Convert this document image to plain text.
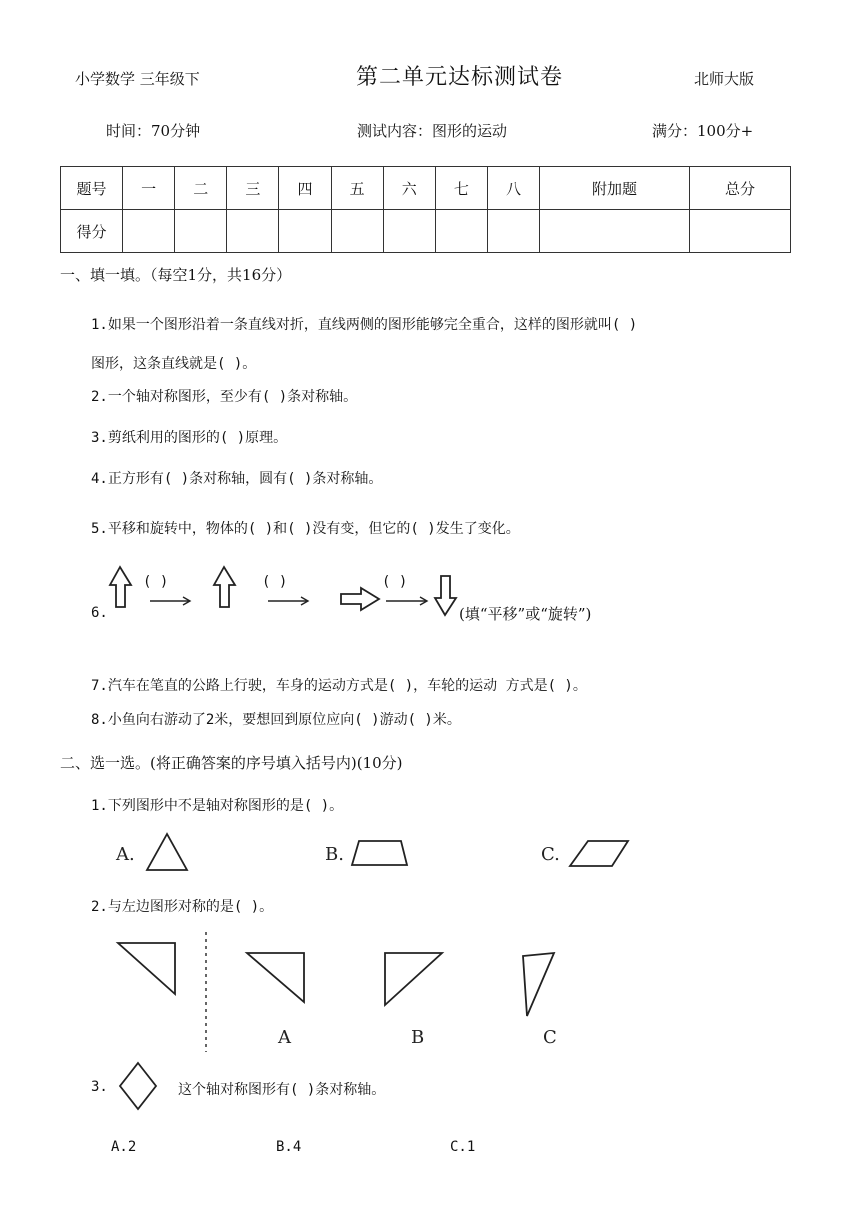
小学数学 三年级下	第二单元达标测试卷	北师大版
时间：70分钟	测试内容：图形的运动	满分：100分+
题号	一	二	三	四	五	六	七	八	附加题	总分
得分										
一、填一填。（每空1分，共16分）
1.如果一个图形沿着一条直线对折，直线两侧的图形能够完全重合，这样的图形就叫( )
图形，这条直线就是( )。
2.一个轴对称图形，至少有( )条对称轴。
3.剪纸利用的图形的( )原理。
4.正方形有( )条对称轴，圆有( )条对称轴。
5.平移和旋转中，物体的( )和( )没有变，但它的( )发生了变化。
6.
( )	( )	( )
(填“平移”或“旋转”)
7.汽车在笔直的公路上行驶，车身的运动方式是( )，车轮的运动 方式是( )。
8.小鱼向右游动了2米，要想回到原位应向( )游动( )米。
二、选一选。(将正确答案的序号填入括号内)(10分)
1.下列图形中不是轴对称图形的是( )。
A.	B.	C.
2.与左边图形对称的是( )。
A	B	C
3.	这个轴对称图形有( )条对称轴。
A.2	B.4	C.1
